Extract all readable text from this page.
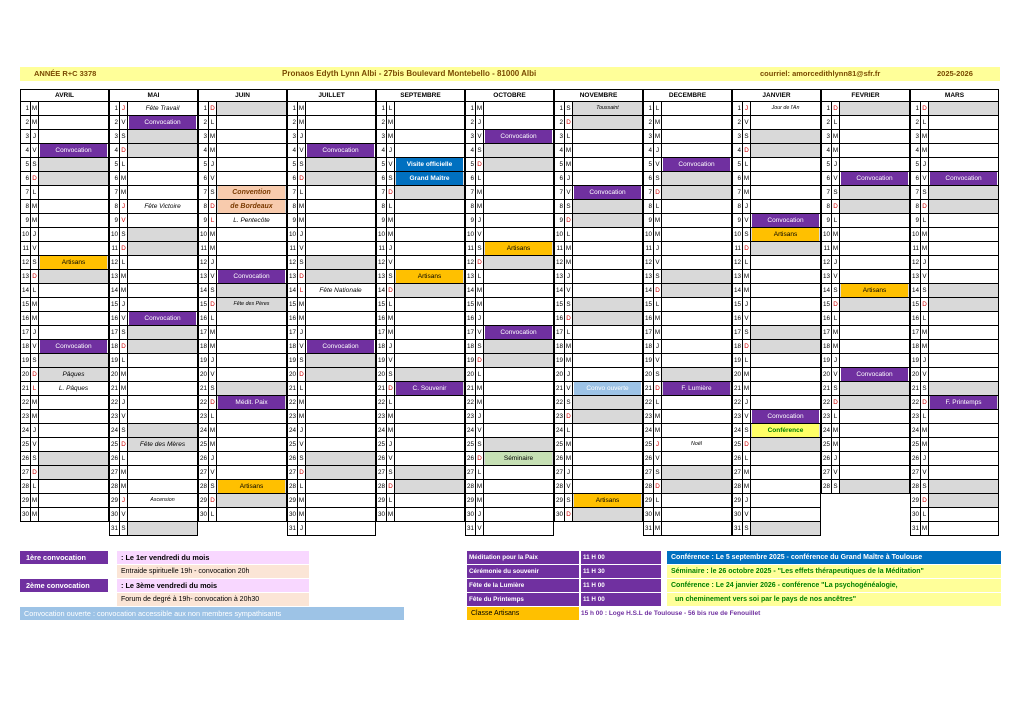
ANNÉE R+C 3378	Pronaos Edyth Lynn Albi - 27bis Boulevard Montebello - 81000 Albi	courriel: amorcedithlynn81@sfr.fr	2025-2026
AVRIL
1 M
2 M
3 J
4 V	Convocation
5 S
6 D
7 L
8 M
9 M
10 J
11 V
12 S	Artisans
13 D
14 L
15 M
16 M
17 J
18 V	Convocation
19 S
20 D	Pâques
21 L	L. Pâques
22 M
23 M
24 J
25 V
26 S
27 D
28 L
29 M
30 M
MAI
1 J	Fête Travail
2 V	Convocation
3 S
4 D
5 L
6 M
7 M
8 J	Fête Victoire
9 V
10 S
11 D
12 L
13 M
14 M
15 J
16 V	Convocation
17 S
18 D
19 L
20 M
21 M
22 J
23 V
24 S
25 D	Fête des Mères
26 L
27 M
28 M
29 J	Ascension
30 V
31 S
JUIN
1 D
2 L
3 M
4 M
5 J
6 V
7 S	Convention
8 D	de Bordeaux
9 L	L. Pentecôte
10 M
11 M
12 J
13 V	Convocation
14 S
15 D	Fête des Pères
16 L
17 M
18 M
19 J
20 V
21 S
22 D	Médit. Paix
23 L
24 M
25 M
26 J
27 V
28 S	Artisans
29 D
30 L
JUILLET
1 M
2 M
3 J
4 V	Convocation
5 S
6 D
7 L
8 M
9 M
10 J
11 V
12 S
13 D
14 L	Fête Nationale
15 M
16 M
17 J
18 V	Convocation
19 S
20 D
21 L
22 M
23 M
24 J
25 V
26 S
27 D
28 L
29 M
30 M
31 J
SEPTEMBRE
1 L
2 M
3 M
4 J
5 V	Visite officielle
6 S	Grand Maître
7 D
8 L
9 M
10 M
11 J
12 V
13 S	Artisans
14 D
15 L
16 M
17 M
18 J
19 V
20 S
21 D	C. Souvenir
22 L
23 M
24 M
25 J
26 V
27 S
28 D
29 L
30 M
OCTOBRE
1 M
2 J
3 V	Convocation
4 S
5 D
6 L
7 M
8 M
9 J
10 V
11 S	Artisans
12 D
13 L
14 M
15 M
16 J
17 V	Convocation
18 S
19 D
20 L
21 M
22 M
23 J
24 V
25 S
26 D	Séminaire
27 L
28 M
29 M
30 J
31 V
NOVEMBRE
1 S	Toussaint
2 D
3 L
4 M
5 M
6 J
7 V	Convocation
8 S
9 D
10 L
11 M
12 M
13 J
14 V
15 S
16 D
17 L
18 M
19 M
20 J
21 V	Convo ouverte
22 S
23 D
24 L
25 M
26 M
27 J
28 V
29 S	Artisans
30 D
DECEMBRE
1 L
2 M
3 M
4 J
5 V	Convocation
6 S
7 D
8 L
9 M
10 M
11 J
12 V
13 S
14 D
15 L
16 M
17 M
18 J
19 V
20 S
21 D	F. Lumière
22 L
23 M
24 M
25 J	Noël
26 V
27 S
28 D
29 L
30 M
31 M
JANVIER
1 J	Jour de l'An
2 V
3 S
4 D
5 L
6 M
7 M
8 J
9 V	Convocation
10 S	Artisans
11 D
12 L
13 M
14 M
15 J
16 V
17 S
18 D
19 L
20 M
21 M
22 J
23 V	Convocation
24 S	Conférence
25 D
26 L
27 M
28 M
29 J
30 V
31 S
FEVRIER
1 D
2 L
3 M
4 M
5 J
6 V	Convocation
7 S
8 D
9 L
10 M
11 M
12 J
13 V
14 S	Artisans
15 D
16 L
17 M
18 M
19 J
20 V	Convocation
21 S
22 D
23 L
24 M
25 M
26 J
27 V
28 S
MARS
1 D
2 L
3 M
4 M
5 J
6 V	Convocation
7 S
8 D
9 L
10 M
11 M
12 J
13 V
14 S
15 D
16 L
17 M
18 M
19 J
20 V
21 S
22 D	F. Printemps
23 L
24 M
25 M
26 J
27 V
28 S
29 D
30 L
31 M
1ère convocation	: Le 1er vendredi du mois
Entraide spirituelle 19h - convocation 20h
2ème convocation	: Le 3ème vendredi du mois
Forum de degré à 19h- convocation à 20h30
Convocation ouverte : convocation accessible aux non membres sympathisants
Méditation pour la Paix	11 H 00
Cérémonie du souvenir	11 H 30
Fête de la Lumière	11 H 00
Fête du Printemps	11 H 00
Classe Artisans	15 h 00 : Loge H.S.L de Toulouse - 56 bis rue de Fenouillet
Conférence : Le 5 septembre 2025 - conférence du Grand Maître à Toulouse
Séminaire : le 26 octobre 2025 - "Les effets thérapeutiques de la Méditation"
Conférence : Le 24 janvier 2026 - conférence "La psychogénéalogie,
un cheminement vers soi par le pays de nos ancêtres"
